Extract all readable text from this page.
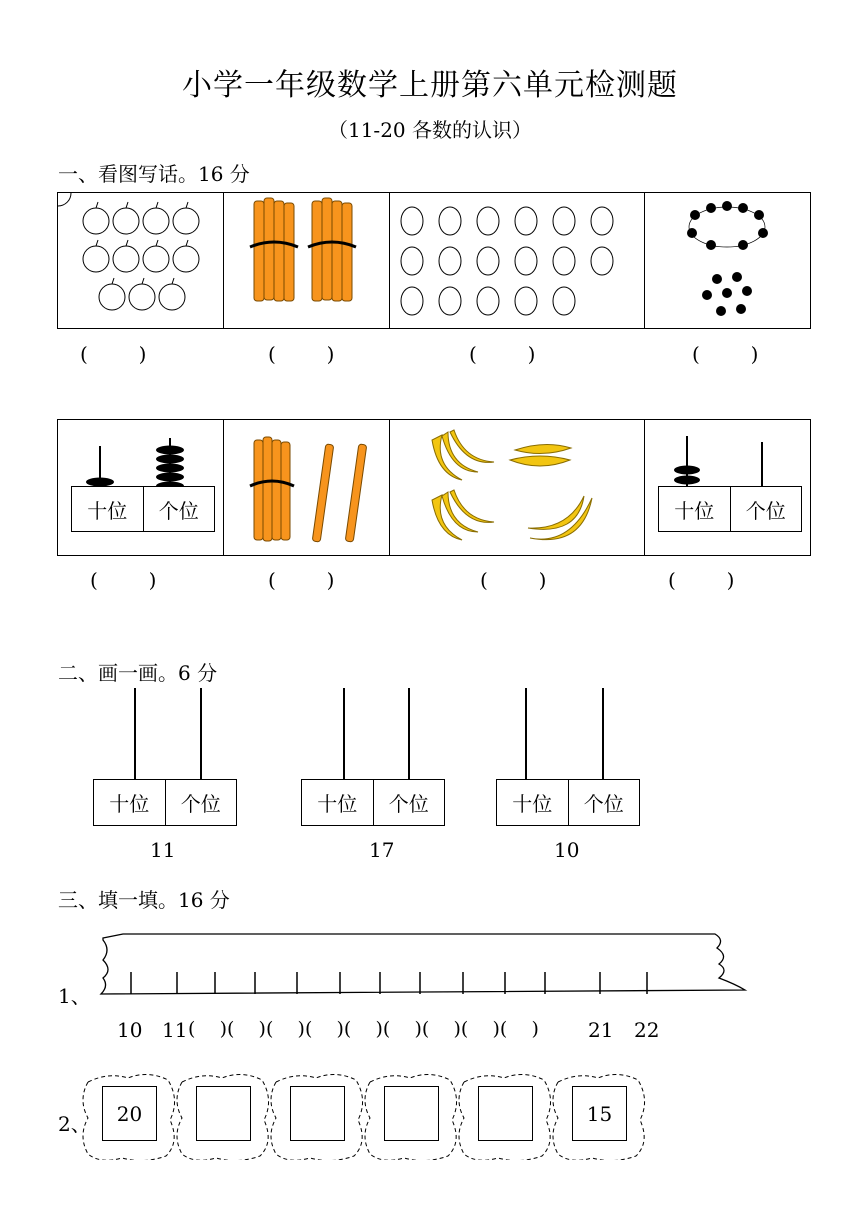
小学一年级数学上册第六单元检测题
（11-20 各数的认识）
一、看图写话。16 分
(        )	(        )	(        )	(        )
十位	个位	十位	个位
(        )	(        )	(        )	(        )
二、画一画。6 分
十位	个位
11
十位	个位
17
十位	个位
10
三、填一填。16 分
1、
10 11 (    )(    )(    )(    )(    )(    )(    )(    )(    ) 21 22
2、	20	15
